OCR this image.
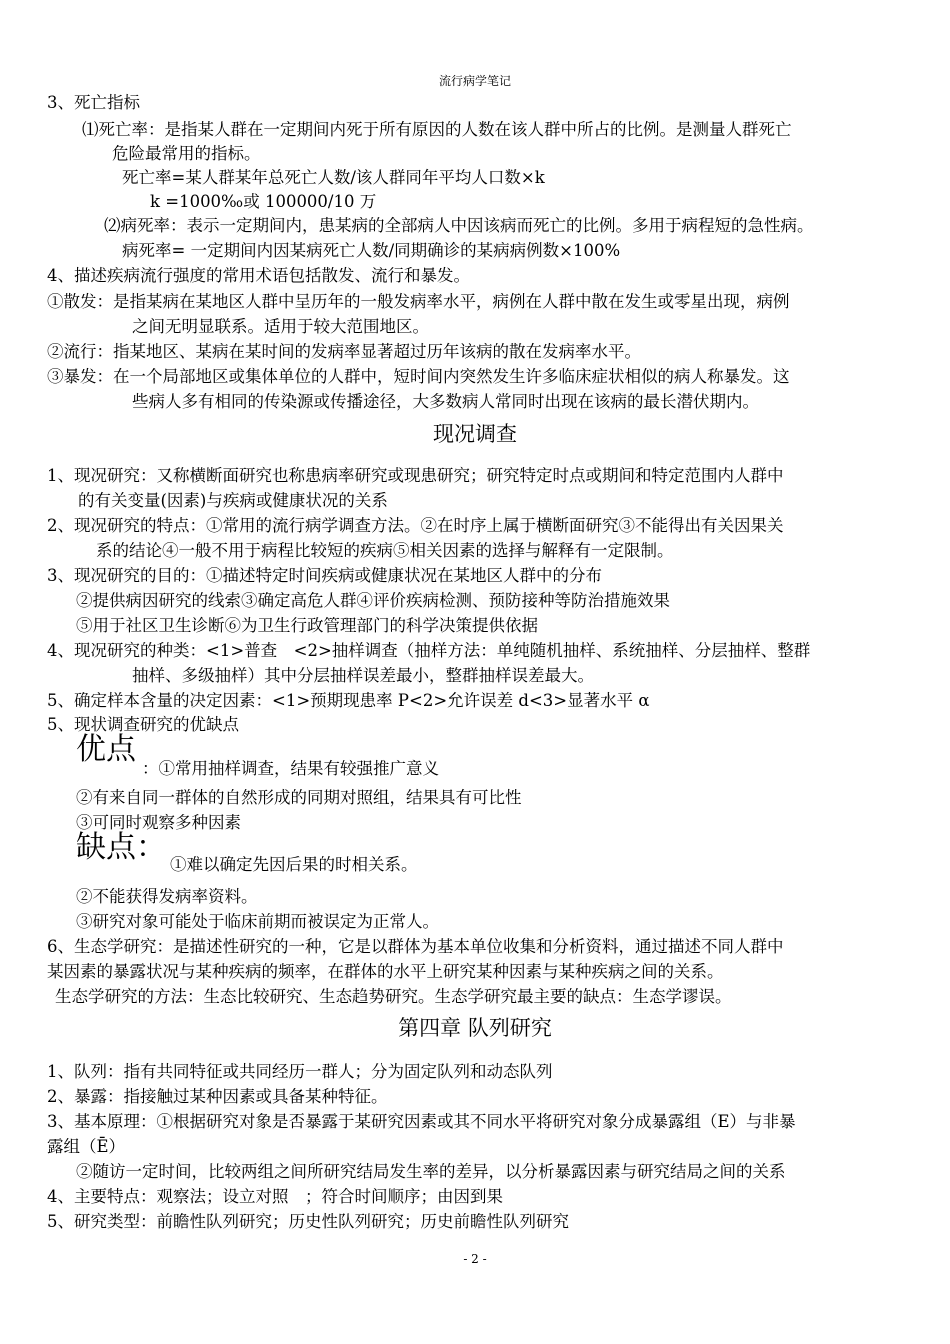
流行病学笔记
3、死亡指标
⑴死亡率：是指某人群在一定期间内死于所有原因的人数在该人群中所占的比例。是测量人群死亡
危险最常用的指标。
死亡率=某人群某年总死亡人数/该人群同年平均人口数×k
k =1000‰或 100000/10 万
⑵病死率：表示一定期间内，患某病的全部病人中因该病而死亡的比例。多用于病程短的急性病。
病死率= 一定期间内因某病死亡人数/同期确诊的某病病例数×100%
4、描述疾病流行强度的常用术语包括散发、流行和暴发。
①散发：是指某病在某地区人群中呈历年的一般发病率水平，病例在人群中散在发生或零星出现，病例
之间无明显联系。适用于较大范围地区。
②流行：指某地区、某病在某时间的发病率显著超过历年该病的散在发病率水平。
③暴发：在一个局部地区或集体单位的人群中，短时间内突然发生许多临床症状相似的病人称暴发。这
些病人多有相同的传染源或传播途径，大多数病人常同时出现在该病的最长潜伏期内。
现况调查
1、现况研究：又称横断面研究也称患病率研究或现患研究；研究特定时点或期间和特定范围内人群中
的有关变量(因素)与疾病或健康状况的关系
2、现况研究的特点：①常用的流行病学调查方法。②在时序上属于横断面研究③不能得出有关因果关
系的结论④一般不用于病程比较短的疾病⑤相关因素的选择与解释有一定限制。
3、现况研究的目的：①描述特定时间疾病或健康状况在某地区人群中的分布
②提供病因研究的线索③确定高危人群④评价疾病检测、预防接种等防治措施效果
⑤用于社区卫生诊断⑥为卫生行政管理部门的科学决策提供依据
4、现况研究的种类：<1>普查　<2>抽样调查（抽样方法：单纯随机抽样、系统抽样、分层抽样、整群
抽样、多级抽样）其中分层抽样误差最小，整群抽样误差最大。
5、确定样本含量的决定因素：<1>预期现患率 P<2>允许误差 d<3>显著水平 α
5、现状调查研究的优缺点
优点
：①常用抽样调查，结果有较强推广意义
②有来自同一群体的自然形成的同期对照组，结果具有可比性
③可同时观察多种因素
缺点： ①难以确定先因后果的时相关系。
②不能获得发病率资料。
③研究对象可能处于临床前期而被误定为正常人。
6、生态学研究：是描述性研究的一种，它是以群体为基本单位收集和分析资料，通过描述不同人群中
某因素的暴露状况与某种疾病的频率，在群体的水平上研究某种因素与某种疾病之间的关系。
生态学研究的方法：生态比较研究、生态趋势研究。生态学研究最主要的缺点：生态学谬误。
第四章 队列研究
1、队列：指有共同特征或共同经历一群人；分为固定队列和动态队列
2、暴露：指接触过某种因素或具备某种特征。
3、基本原理：①根据研究对象是否暴露于某研究因素或其不同水平将研究对象分成暴露组（E）与非暴
露组（Ē）
②随访一定时间，比较两组之间所研究结局发生率的差异，以分析暴露因素与研究结局之间的关系
4、主要特点：观察法；设立对照　；符合时间顺序；由因到果
5、研究类型：前瞻性队列研究；历史性队列研究；历史前瞻性队列研究
- 2 -
